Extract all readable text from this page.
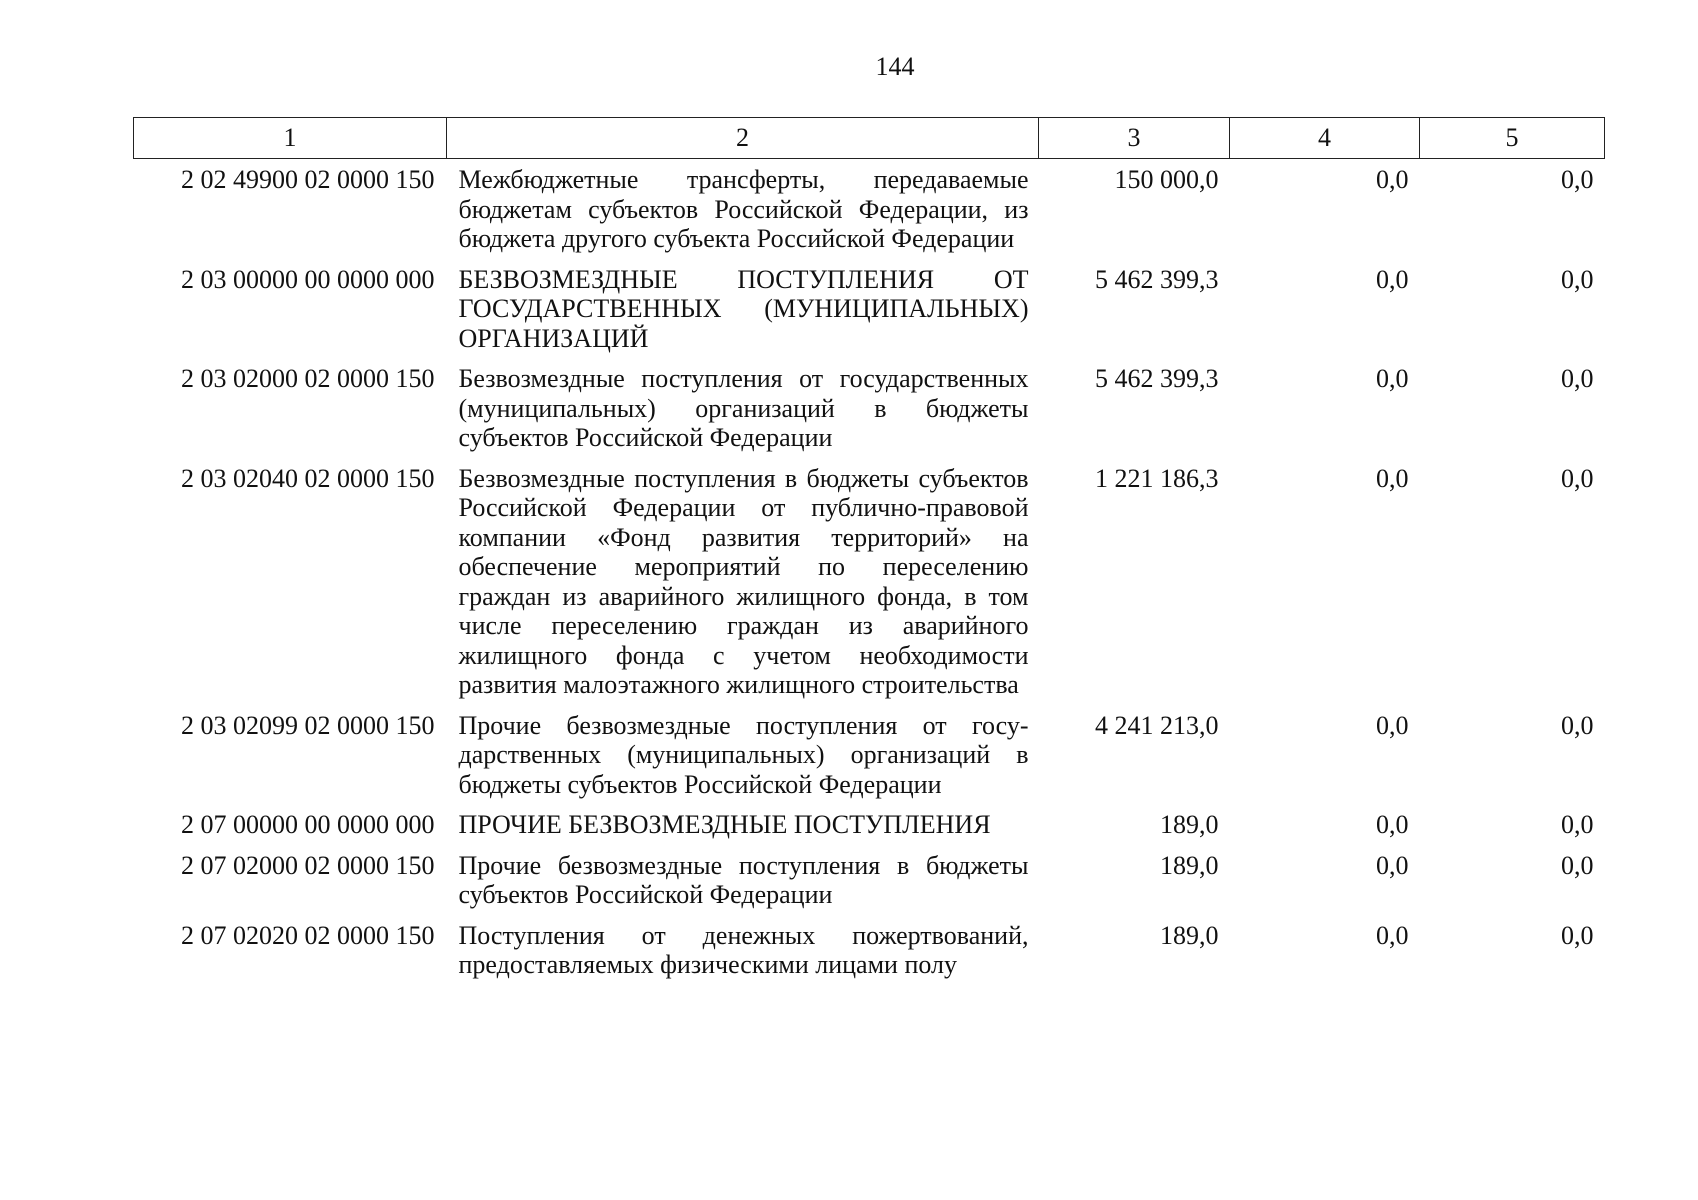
144
1	2	3	4	5
2 02 49900 02 0000 150	Межбюджетные трансферты, передаваемые бюджетам субъектов Российской Федерации, из бюджета другого субъекта Российской Федерации	150 000,0	0,0	0,0
2 03 00000 00 0000 000	БЕЗВОЗМЕЗДНЫЕ ПОСТУПЛЕНИЯ ОТ ГОСУДАРСТВЕННЫХ (МУНИЦИПАЛЬНЫХ) ОРГАНИЗАЦИЙ	5 462 399,3	0,0	0,0
2 03 02000 02 0000 150	Безвозмездные поступления от государственных (муниципальных) организаций в бюджеты субъектов Российской Федерации	5 462 399,3	0,0	0,0
2 03 02040 02 0000 150	Безвозмездные поступления в бюджеты субъектов Российской Федерации от публично-правовой компании «Фонд развития территорий» на обеспечение мероприятий по переселению граждан из аварийного жилищного фонда, в том числе переселению граждан из аварийного жилищного фонда с учетом необходимости развития малоэтажного жилищного строительства	1 221 186,3	0,0	0,0
2 03 02099 02 0000 150	Прочие безвозмездные поступления от государственных (муниципальных) организаций в бюджеты субъектов Российской Федерации	4 241 213,0	0,0	0,0
2 07 00000 00 0000 000	ПРОЧИЕ БЕЗВОЗМЕЗДНЫЕ ПОСТУПЛЕНИЯ	189,0	0,0	0,0
2 07 02000 02 0000 150	Прочие безвозмездные поступления в бюджеты субъектов Российской Федерации	189,0	0,0	0,0
2 07 02020 02 0000 150	Поступления от денежных пожертвований, предоставляемых физическими лицами полу	189,0	0,0	0,0
